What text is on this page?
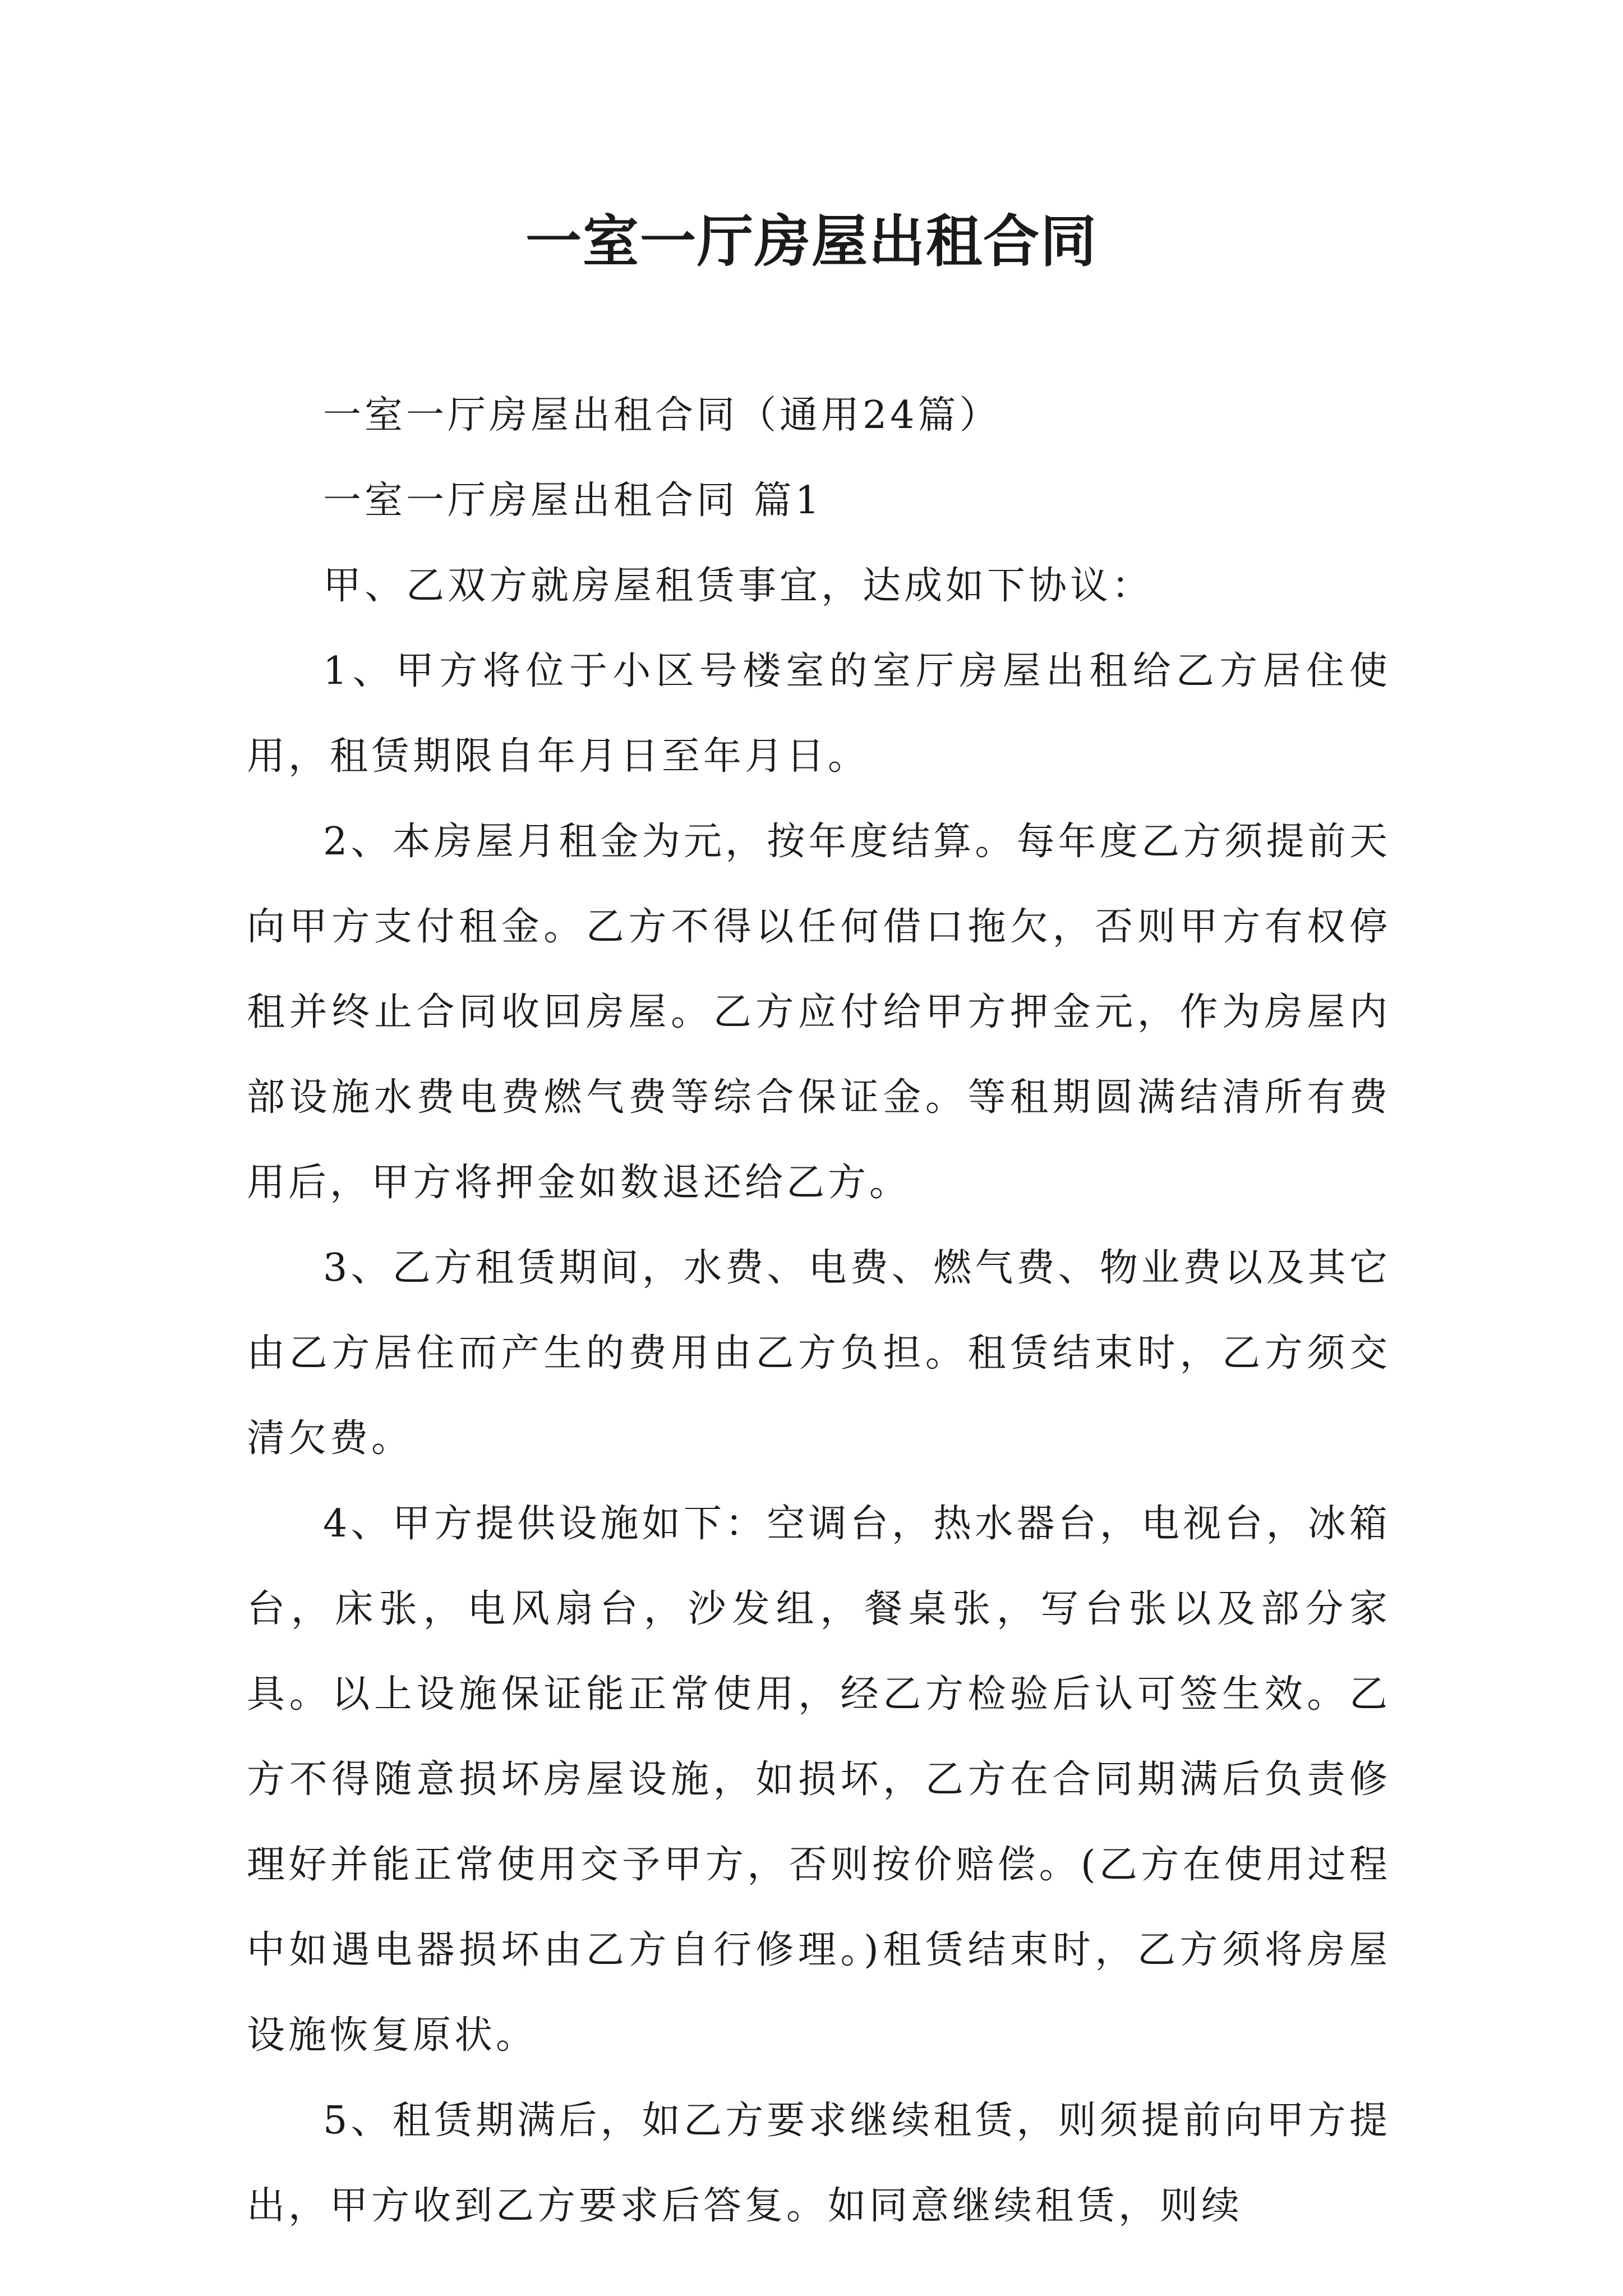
一室一厅房屋出租合同

一室一厅房屋出租合同（通用24篇）

一室一厅房屋出租合同 篇1

甲、乙双方就房屋租赁事宜，达成如下协议：

1、甲方将位于小区号楼室的室厅房屋出租给乙方居住使用，租赁期限自年月日至年月日。

2、本房屋月租金为元，按年度结算。每年度乙方须提前天向甲方支付租金。乙方不得以任何借口拖欠，否则甲方有权停租并终止合同收回房屋。乙方应付给甲方押金元，作为房屋内部设施水费电费燃气费等综合保证金。等租期圆满结清所有费用后，甲方将押金如数退还给乙方。

3、乙方租赁期间，水费、电费、燃气费、物业费以及其它由乙方居住而产生的费用由乙方负担。租赁结束时，乙方须交清欠费。

4、甲方提供设施如下：空调台，热水器台，电视台，冰箱台，床张，电风扇台，沙发组，餐桌张，写台张以及部分家具。以上设施保证能正常使用，经乙方检验后认可签生效。乙方不得随意损坏房屋设施，如损坏，乙方在合同期满后负责修理好并能正常使用交予甲方，否则按价赔偿。(乙方在使用过程中如遇电器损坏由乙方自行修理。)租赁结束时，乙方须将房屋设施恢复原状。

5、租赁期满后，如乙方要求继续租赁，则须提前向甲方提出，甲方收到乙方要求后答复。如同意继续租赁，则续
